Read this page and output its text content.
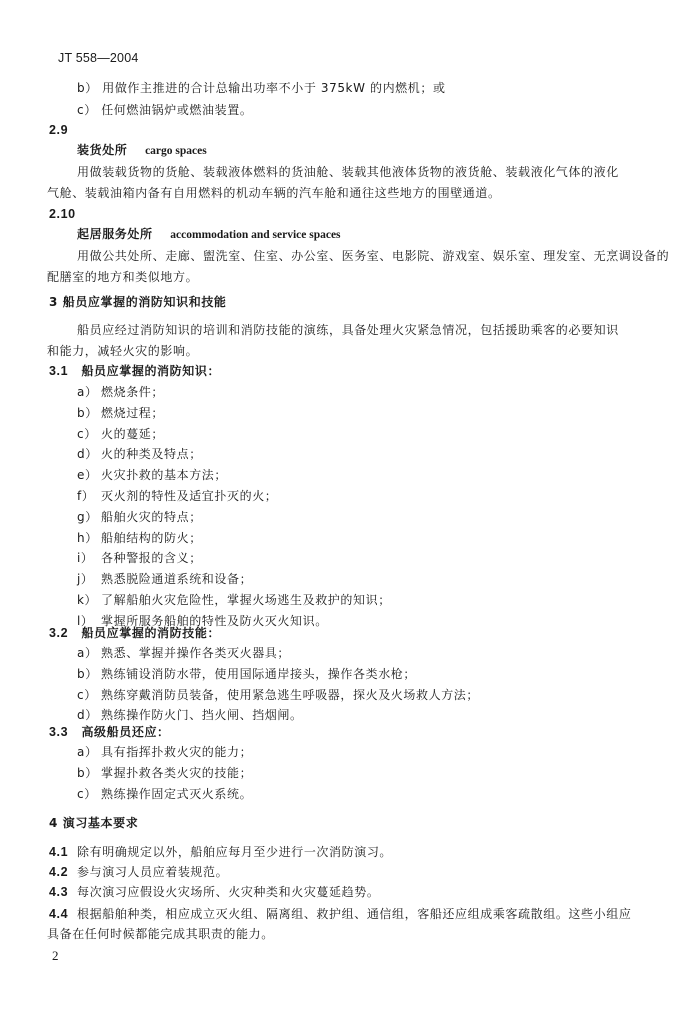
JT 558—2004
b） 用做作主推进的合计总输出功率不小于 375kW 的内燃机；或
c） 任何燃油锅炉或燃油装置。
2.9
装货处所 cargo spaces
用做装载货物的货舱、装载液体燃料的货油舱、装载其他液体货物的液货舱、装载液化气体的液化
气舱、装载油箱内备有自用燃料的机动车辆的汽车舱和通往这些地方的围壁通道。
2.10
起居服务处所 accommodation and service spaces
用做公共处所、走廊、盥洗室、住室、办公室、医务室、电影院、游戏室、娱乐室、理发室、无烹调设备的
配膳室的地方和类似地方。
3 船员应掌握的消防知识和技能
船员应经过消防知识的培训和消防技能的演练，具备处理火灾紧急情况，包括援助乘客的必要知识
和能力，减轻火灾的影响。
3.1 船员应掌握的消防知识：
a） 燃烧条件；
b） 燃烧过程；
c） 火的蔓延；
d） 火的种类及特点；
e） 火灾扑救的基本方法；
f） 灭火剂的特性及适宜扑灭的火；
g） 船舶火灾的特点；
h） 船舶结构的防火；
i） 各种警报的含义；
j） 熟悉脱险通道系统和设备；
k） 了解船舶火灾危险性，掌握火场逃生及救护的知识；
l） 掌握所服务船舶的特性及防火灭火知识。
3.2 船员应掌握的消防技能：
a） 熟悉、掌握并操作各类灭火器具；
b） 熟练铺设消防水带，使用国际通岸接头，操作各类水枪；
c） 熟练穿戴消防员装备，使用紧急逃生呼吸器，探火及火场救人方法；
d） 熟练操作防火门、挡火闸、挡烟闸。
3.3 高级船员还应：
a） 具有指挥扑救火灾的能力；
b） 掌握扑救各类火灾的技能；
c） 熟练操作固定式灭火系统。
4 演习基本要求
4.1 除有明确规定以外，船舶应每月至少进行一次消防演习。
4.2 参与演习人员应着装规范。
4.3 每次演习应假设火灾场所、火灾种类和火灾蔓延趋势。
4.4 根据船舶种类，相应成立灭火组、隔离组、救护组、通信组，客船还应组成乘客疏散组。这些小组应
具备在任何时候都能完成其职责的能力。
2
